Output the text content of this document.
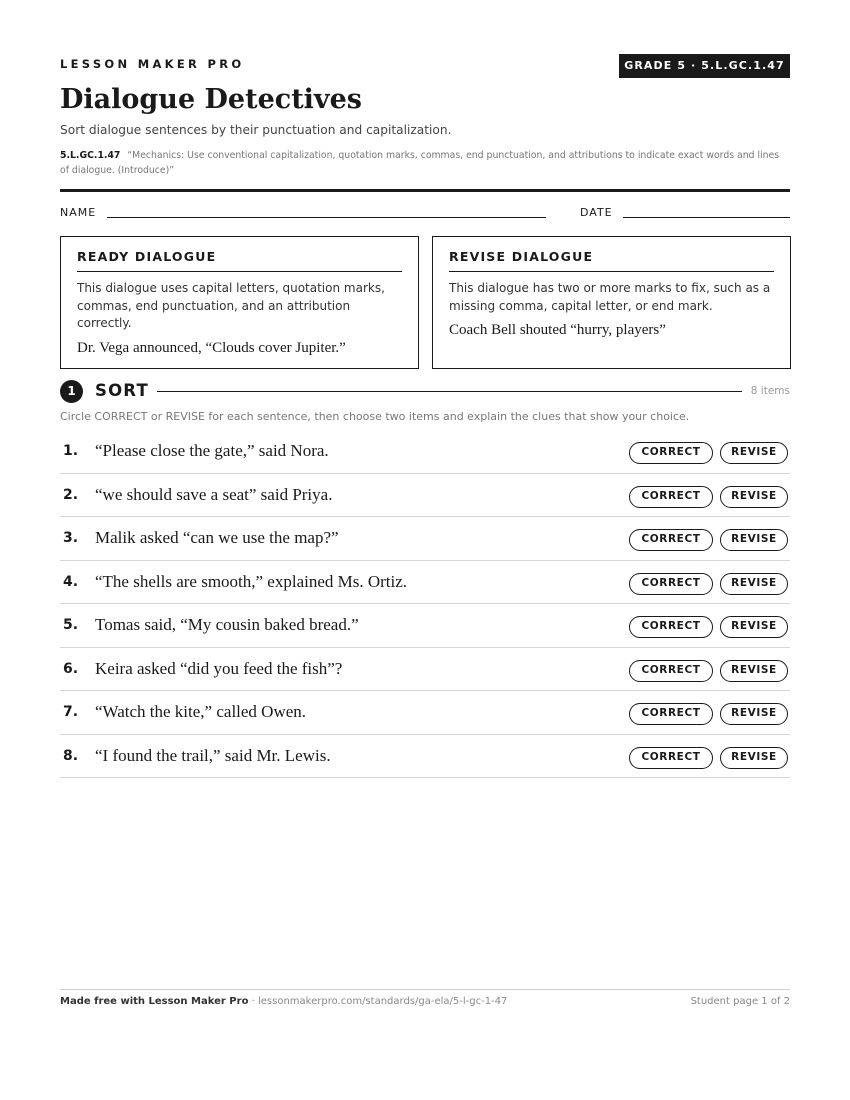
LESSON MAKER PRO	GRADE 5 · 5.L.GC.1.47
Dialogue Detectives
Sort dialogue sentences by their punctuation and capitalization.
5.L.GC.1.47 “Mechanics: Use conventional capitalization, quotation marks, commas, end punctuation, and attributions to indicate exact words and lines of dialogue. (Introduce)”
NAME	DATE
READY DIALOGUE
This dialogue uses capital letters, quotation marks, commas, end punctuation, and an attribution correctly.
Dr. Vega announced, “Clouds cover Jupiter.”
REVISE DIALOGUE
This dialogue has two or more marks to fix, such as a missing comma, capital letter, or end mark.
Coach Bell shouted “hurry, players”
1	SORT	8 items
Circle CORRECT or REVISE for each sentence, then choose two items and explain the clues that show your choice.
1. “Please close the gate,” said Nora.	CORRECT	REVISE
2. “we should save a seat” said Priya.	CORRECT	REVISE
3. Malik asked “can we use the map?”	CORRECT	REVISE
4. “The shells are smooth,” explained Ms. Ortiz.	CORRECT	REVISE
5. Tomas said, “My cousin baked bread.”	CORRECT	REVISE
6. Keira asked “did you feed the fish”?	CORRECT	REVISE
7. “Watch the kite,” called Owen.	CORRECT	REVISE
8. “I found the trail,” said Mr. Lewis.	CORRECT	REVISE
Made free with Lesson Maker Pro · lessonmakerpro.com/standards/ga-ela/5-l-gc-1-47	Student page 1 of 2
